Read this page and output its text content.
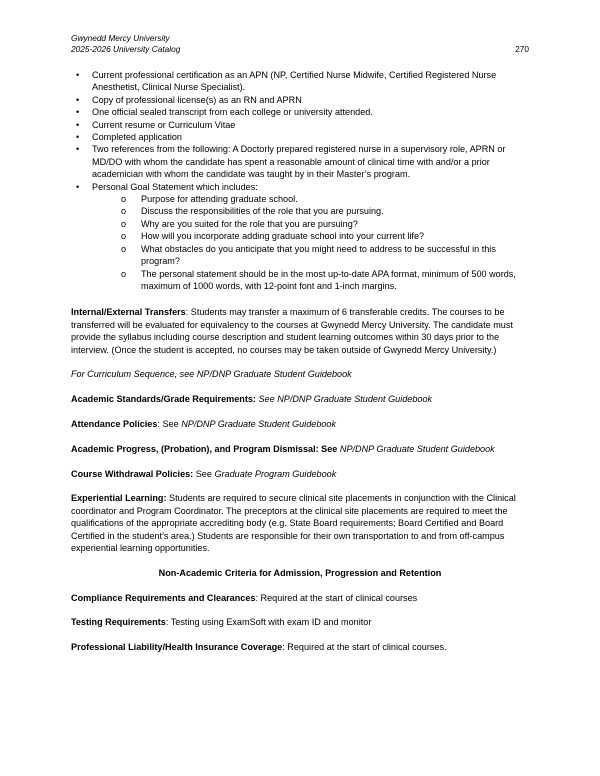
Gwynedd Mercy University
2025-2026 University Catalog	270
• Current professional certification as an APN (NP, Certified Nurse Midwife, Certified Registered Nurse Anesthetist, Clinical Nurse Specialist).
• Copy of professional license(s) as an RN and APRN
• One official sealed transcript from each college or university attended.
• Current resume or Curriculum Vitae
• Completed application
• Two references from the following: A Doctorly prepared registered nurse in a supervisory role, APRN or MD/DO with whom the candidate has spent a reasonable amount of clinical time with and/or a prior academician with whom the candidate was taught by in their Master’s program.
• Personal Goal Statement which includes:
o Purpose for attending graduate school.
o Discuss the responsibilities of the role that you are pursuing.
o Why are you suited for the role that you are pursuing?
o How will you incorporate adding graduate school into your current life?
o What obstacles do you anticipate that you might need to address to be successful in this program?
o The personal statement should be in the most up-to-date APA format, minimum of 500 words, maximum of 1000 words, with 12-point font and 1-inch margins.

Internal/External Transfers: Students may transfer a maximum of 6 transferable credits. The courses to be transferred will be evaluated for equivalency to the courses at Gwynedd Mercy University. The candidate must provide the syllabus including course description and student learning outcomes within 30 days prior to the interview. (Once the student is accepted, no courses may be taken outside of Gwynedd Mercy University.)

For Curriculum Sequence, see NP/DNP Graduate Student Guidebook

Academic Standards/Grade Requirements: See NP/DNP Graduate Student Guidebook

Attendance Policies: See NP/DNP Graduate Student Guidebook

Academic Progress, (Probation), and Program Dismissal: See NP/DNP Graduate Student Guidebook

Course Withdrawal Policies: See Graduate Program Guidebook

Experiential Learning: Students are required to secure clinical site placements in conjunction with the Clinical coordinator and Program Coordinator. The preceptors at the clinical site placements are required to meet the qualifications of the appropriate accrediting body (e.g. State Board requirements; Board Certified and Board Certified in the student’s area.) Students are responsible for their own transportation to and from off-campus experiential learning opportunities.

Non-Academic Criteria for Admission, Progression and Retention

Compliance Requirements and Clearances: Required at the start of clinical courses

Testing Requirements: Testing using ExamSoft with exam ID and monitor

Professional Liability/Health Insurance Coverage: Required at the start of clinical courses.
